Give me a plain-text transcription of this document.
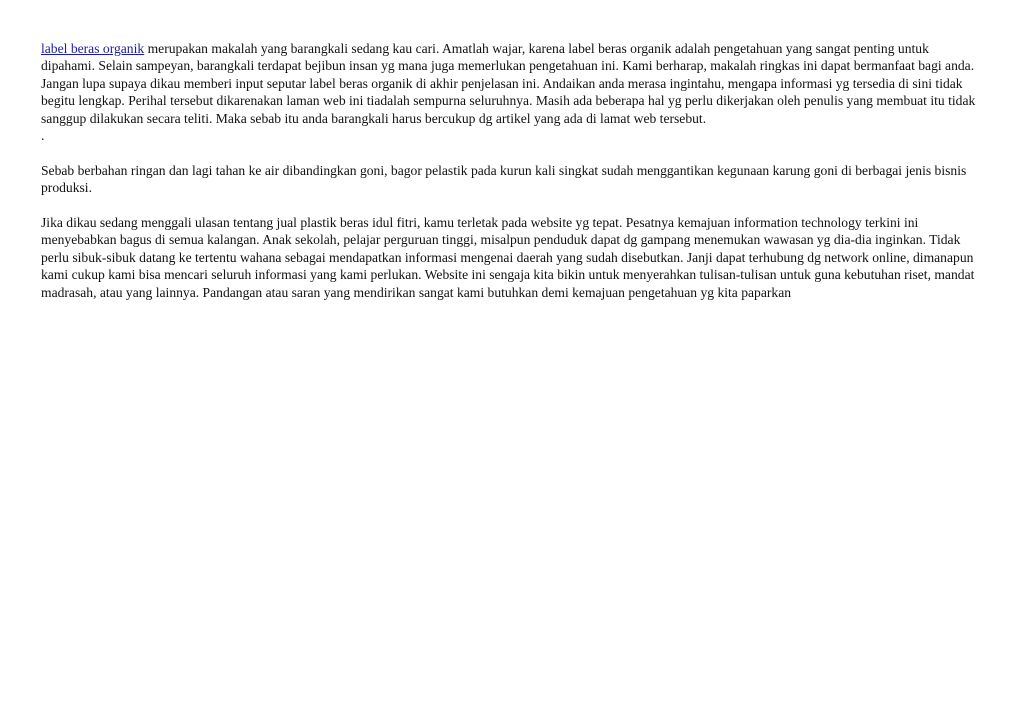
label beras organik merupakan makalah yang barangkali sedang kau cari. Amatlah wajar, karena label beras organik adalah pengetahuan yang sangat penting untuk dipahami. Selain sampeyan, barangkali terdapat bejibun insan yg mana juga memerlukan pengetahuan ini. Kami berharap, makalah ringkas ini dapat bermanfaat bagi anda. Jangan lupa supaya dikau memberi input seputar label beras organik di akhir penjelasan ini. Andaikan anda merasa ingintahu, mengapa informasi yg tersedia di sini tidak begitu lengkap. Perihal tersebut dikarenakan laman web ini tiadalah sempurna seluruhnya. Masih ada beberapa hal yg perlu dikerjakan oleh penulis yang membuat itu tidak sanggup dilakukan secara teliti. Maka sebab itu anda barangkali harus bercukup dg artikel yang ada di lamat web tersebut.

.

Sebab berbahan ringan dan lagi tahan ke air dibandingkan goni, bagor pelastik pada kurun kali singkat sudah menggantikan kegunaan karung goni di berbagai jenis bisnis produksi.

Jika dikau sedang menggali ulasan tentang jual plastik beras idul fitri, kamu terletak pada website yg tepat. Pesatnya kemajuan information technology terkini ini menyebabkan bagus di semua kalangan. Anak sekolah, pelajar perguruan tinggi, misalpun penduduk dapat dg gampang menemukan wawasan yg dia-dia inginkan. Tidak perlu sibuk-sibuk datang ke tertentu wahana sebagai mendapatkan informasi mengenai daerah yang sudah disebutkan. Janji dapat terhubung dg network online, dimanapun kami cukup kami bisa mencari seluruh informasi yang kami perlukan. Website ini sengaja kita bikin untuk menyerahkan tulisan-tulisan untuk guna kebutuhan riset, mandat madrasah, atau yang lainnya. Pandangan atau saran yang mendirikan sangat kami butuhkan demi kemajuan pengetahuan yg kita paparkan
